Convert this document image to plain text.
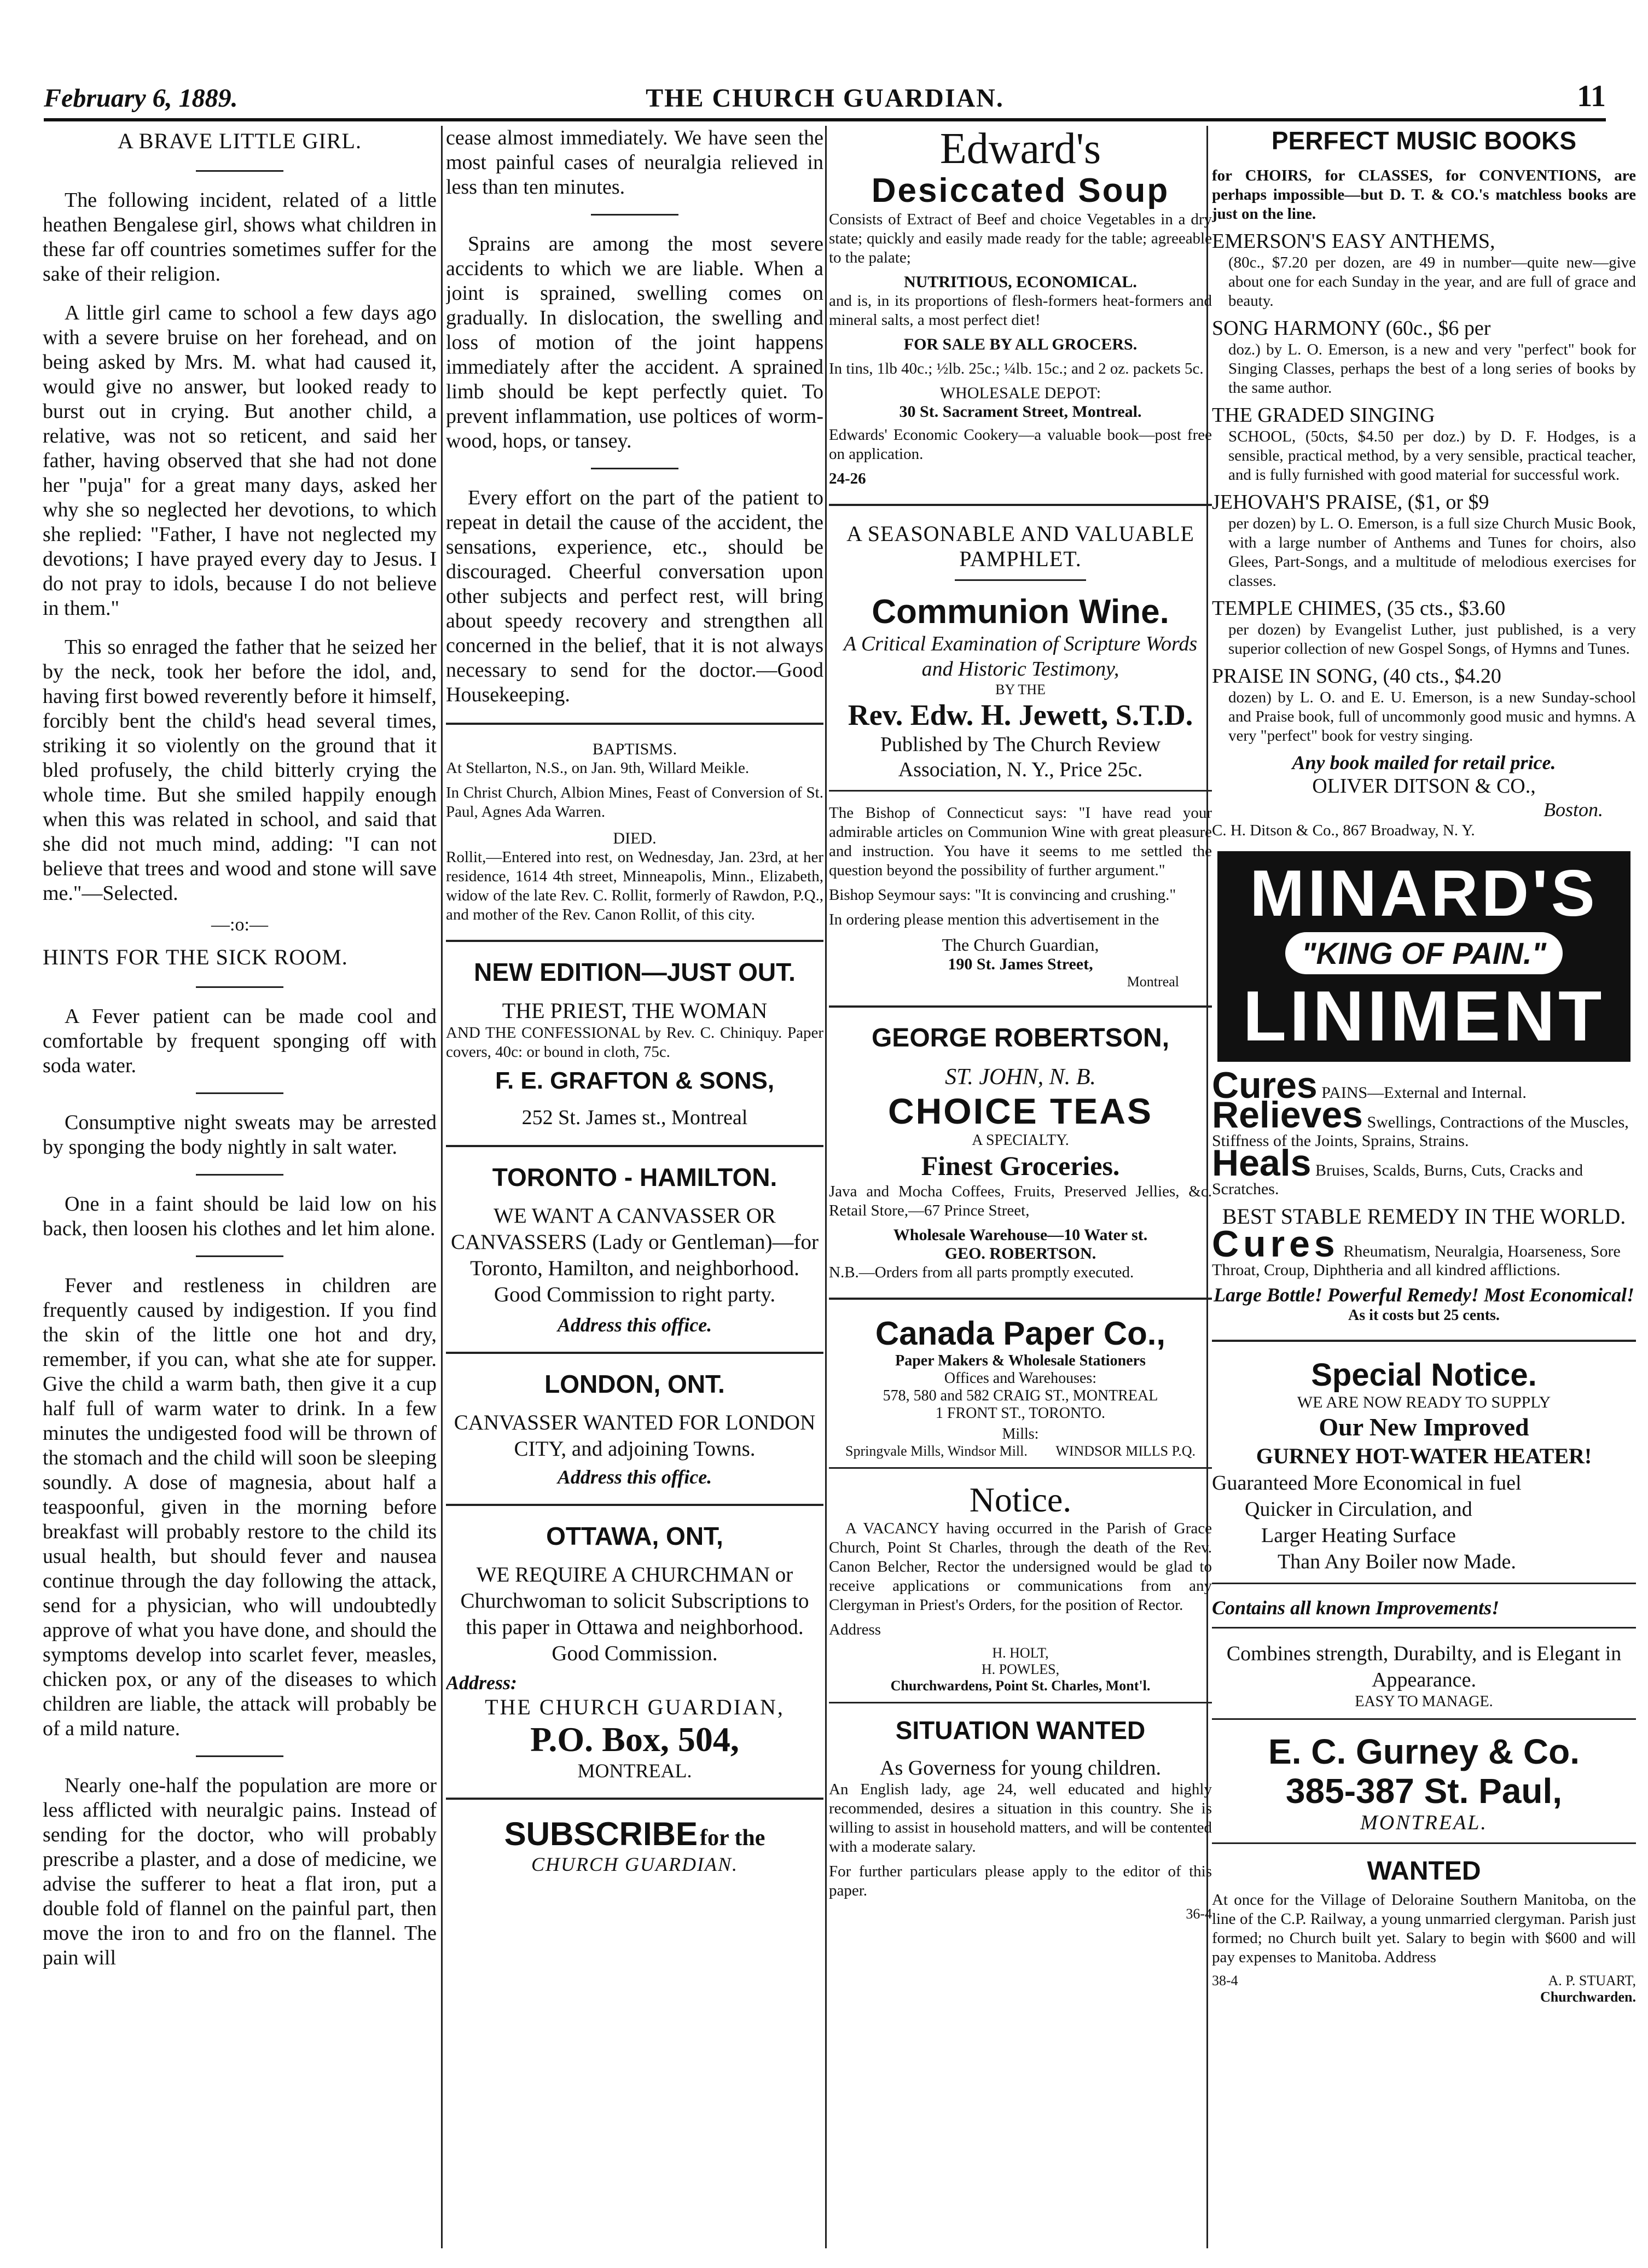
February 6, 1889.	THE CHURCH GUARDIAN.	11
A BRAVE LITTLE GIRL.

The following incident, related of a little heathen Bengalese girl, shows what children in these far off countries sometimes suffer for the sake of their religion.

A little girl came to school a few days ago with a severe bruise on her forehead, and on being asked by Mrs. M. what had caused it, would give no answer, but looked ready to burst out in crying. But another child, a relative, was not so reticent, and said her father, having observed that she had not done her "puja" for a great many days, asked her why she so neglected her devotions, to which she replied: "Father, I have not neglected my devotions; I have prayed every day to Jesus. I do not pray to idols, because I do not believe in them."

This so enraged the father that he seized her by the neck, took her before the idol, and, having first bowed reverently before it himself, forcibly bent the child's head several times, striking it so violently on the ground that it bled profusely, the child bitterly crying the whole time. But she smiled happily enough when this was related in school, and said that she did not much mind, adding: "I can not believe that trees and wood and stone will save me."—Selected.

—:o:—
HINTS FOR THE SICK ROOM.

A Fever patient can be made cool and comfortable by frequent sponging off with soda water.

Consumptive night sweats may be arrested by sponging the body nightly in salt water.

One in a faint should be laid low on his back, then loosen his clothes and let him alone.

Fever and restleness in children are frequently caused by indigestion. If you find the skin of the little one hot and dry, remember, if you can, what she ate for supper. Give the child a warm bath, then give it a cup half full of warm water to drink. In a few minutes the undigested food will be thrown of the stomach and the child will soon be sleeping soundly. A dose of magnesia, about half a teaspoonful, given in the morning before breakfast will probably restore to the child its usual health, but should fever and nausea continue through the day following the attack, send for a physician, who will undoubtedly approve of what you have done, and should the symptoms develop into scarlet fever, measles, chicken pox, or any of the diseases to which children are liable, the attack will probably be of a mild nature.

Nearly one-half the population are more or less afflicted with neuralgic pains. Instead of sending for the doctor, who will probably prescribe a plaster, and a dose of medicine, we advise the sufferer to heat a flat iron, put a double fold of flannel on the painful part, then move the iron to and fro on the flannel. The pain will

cease almost immediately. We have seen the most painful cases of neuralgia relieved in less than ten minutes.

Sprains are among the most severe accidents to which we are liable. When a joint is sprained, swelling comes on gradually. In dislocation, the swelling and loss of motion of the joint happens immediately after the accident. A sprained limb should be kept perfectly quiet. To prevent inflammation, use poltices of worm-wood, hops, or tansey.

Every effort on the part of the patient to repeat in detail the cause of the accident, the sensations, experience, etc., should be discouraged. Cheerful conversation upon other subjects and perfect rest, will bring about speedy recovery and strengthen all concerned in the belief, that it is not always necessary to send for the doctor.—Good Housekeeping.

BAPTISMS.
At Stellarton, N.S., on Jan. 9th, Willard Meikle.
In Christ Church, Albion Mines, Feast of Conversion of St. Paul, Agnes Ada Warren.
DIED.
Rollit,—Entered into rest, on Wednesday, Jan. 23rd, at her residence, 1614 4th street, Minneapolis, Minn., Elizabeth, widow of the late Rev. C. Rollit, formerly of Rawdon, P.Q., and mother of the Rev. Canon Rollit, of this city.
NEW EDITION—JUST OUT.
THE PRIEST, THE WOMAN
AND THE CONFESSIONAL by Rev. C. Chiniquy. Paper covers, 40c: or bound in cloth, 75c.
F. E. GRAFTON & SONS,
252 St. James st., Montreal
TORONTO - HAMILTON.

WE WANT A CANVASSER OR CANVASSERS (Lady or Gentleman)—for Toronto, Hamilton, and neighborhood. Good Commission to right party.

Address this office.
LONDON, ONT.

CANVASSER WANTED FOR LONDON CITY, and adjoining Towns.

Address this office.
OTTAWA, ONT,

WE REQUIRE A CHURCHMAN or Churchwoman to solicit Subscriptions to this paper in Ottawa and neighborhood. Good Commission.

Address:
THE CHURCH GUARDIAN,
P.O. Box, 504,
MONTREAL.
SUBSCRIBE for the
CHURCH GUARDIAN.
Edward's
Desiccated Soup
Consists of Extract of Beef and choice Vegetables in a dry state; quickly and easily made ready for the table; agreeable to the palate;
NUTRITIOUS, ECONOMICAL.
and is, in its proportions of flesh-formers heat-formers and mineral salts, a most perfect diet!
FOR SALE BY ALL GROCERS.
In tins, 1lb 40c.; ½lb. 25c.; ¼lb. 15c.; and 2 oz. packets 5c.
WHOLESALE DEPOT:
30 St. Sacrament Street, Montreal.
Edwards' Economic Cookery—a valuable book—post free on application.
24-26
A SEASONABLE AND VALUABLE PAMPHLET.
Communion Wine.
A Critical Examination of Scripture Words and Historic Testimony,
BY THE
Rev. Edw. H. Jewett, S.T.D.
Published by The Church Review Association, N. Y., Price 25c.
The Bishop of Connecticut says: "I have read your admirable articles on Communion Wine with great pleasure and instruction. You have it seems to me settled the question beyond the possibility of further argument."
Bishop Seymour says: "It is convincing and crushing."
In ordering please mention this advertisement in the
The Church Guardian,
190 St. James Street,
Montreal
GEORGE ROBERTSON,
ST. JOHN, N. B.
CHOICE TEAS
A SPECIALTY.
Finest Groceries.
Java and Mocha Coffees, Fruits, Preserved Jellies, &c. Retail Store,—67 Prince Street,
Wholesale Warehouse—10 Water st.
GEO. ROBERTSON.
N.B.—Orders from all parts promptly executed.
Canada Paper Co.,
Paper Makers & Wholesale Stationers
Offices and Warehouses:
578, 580 and 582 CRAIG ST., MONTREAL
1 FRONT ST., TORONTO.
Mills:
Springvale Mills, Windsor Mill. WINDSOR MILLS P.Q.
Notice.
A VACANCY having occurred in the Parish of Grace Church, Point St Charles, through the death of the Rev. Canon Belcher, Rector the undersigned would be glad to receive applications or communications from any Clergyman in Priest's Orders, for the position of Rector.
Address
H. HOLT,
H. POWLES,
Churchwardens, Point St. Charles, Mont'l.
SITUATION WANTED
As Governess for young children.
An English lady, age 24, well educated and highly recommended, desires a situation in this country. She is willing to assist in household matters, and will be contented with a moderate salary.
For further particulars please apply to the editor of this paper.
36-4
PERFECT MUSIC BOOKS
for CHOIRS, for CLASSES, for CONVENTIONS, are perhaps impossible—but D. T. & CO.'s matchless books are just on the line.
EMERSON'S EASY ANTHEMS,
(80c., $7.20 per dozen, are 49 in number—quite new—give about one for each Sunday in the year, and are full of grace and beauty.
SONG HARMONY (60c., $6 per
doz.) by L. O. Emerson, is a new and very "perfect" book for Singing Classes, perhaps the best of a long series of books by the same author.
THE GRADED SINGING
SCHOOL, (50cts, $4.50 per doz.) by D. F. Hodges, is a sensible, practical method, by a very sensible, practical teacher, and is fully furnished with good material for successful work.
JEHOVAH'S PRAISE, ($1, or $9
per dozen) by L. O. Emerson, is a full size Church Music Book, with a large number of Anthems and Tunes for choirs, also Glees, Part-Songs, and a multitude of melodious exercises for classes.
TEMPLE CHIMES, (35 cts., $3.60
per dozen) by Evangelist Luther, just published, is a very superior collection of new Gospel Songs, of Hymns and Tunes.
PRAISE IN SONG, (40 cts., $4.20
dozen) by L. O. and E. U. Emerson, is a new Sunday-school and Praise book, full of uncommonly good music and hymns. A very "perfect" book for vestry singing.
Any book mailed for retail price.
OLIVER DITSON & CO.,
Boston.
C. H. Ditson & Co., 867 Broadway, N. Y.
MINARD'S
"KING OF PAIN."
LINIMENT
Cures PAINS—External and Internal.
Relieves Swellings, Contractions of the Muscles, Stiffness of the Joints, Sprains, Strains.
Heals Bruises, Scalds, Burns, Cuts, Cracks and Scratches.
BEST STABLE REMEDY IN THE WORLD.
Cures Rheumatism, Neuralgia, Hoarseness, Sore Throat, Croup, Diphtheria and all kindred afflictions.
Large Bottle! Powerful Remedy! Most Economical!
As it costs but 25 cents.
Special Notice.
WE ARE NOW READY TO SUPPLY
Our New Improved
GURNEY HOT-WATER HEATER!
Guaranteed More Economical in fuel
Quicker in Circulation, and
Larger Heating Surface
Than Any Boiler now Made.
Contains all known Improvements!
Combines strength, Durabilty, and is Elegant in Appearance.
EASY TO MANAGE.
E. C. Gurney & Co.
385-387 St. Paul,
MONTREAL.
WANTED
At once for the Village of Deloraine Southern Manitoba, on the line of the C.P. Railway, a young unmarried clergyman. Parish just formed; no Church built yet. Salary to begin with $600 and will pay expenses to Manitoba. Address
38-4	A. P. STUART,
Churchwarden.
